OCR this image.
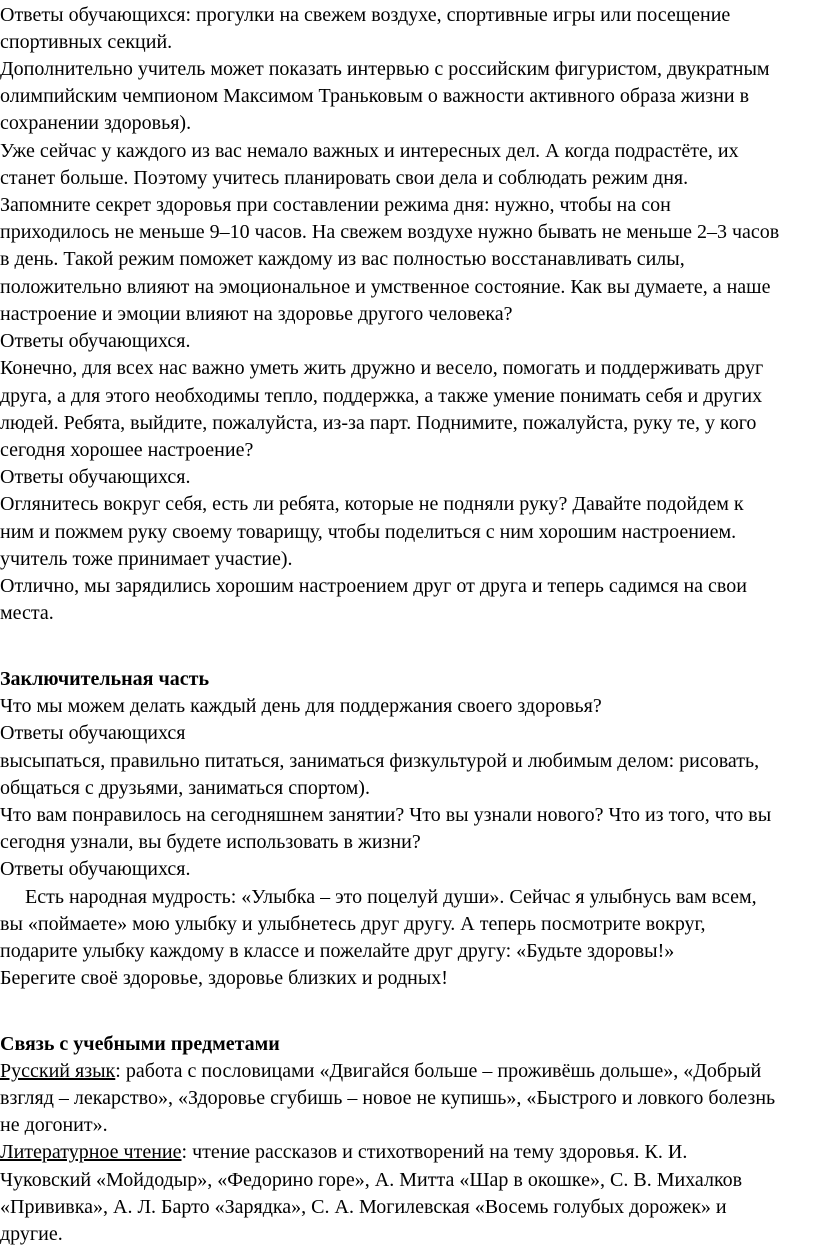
Ответы обучающихся: прогулки на свежем воздухе, спортивные игры или посещение
спортивных секций.
Дополнительно учитель может показать интервью с российским фигуристом, двукратным
олимпийским чемпионом Максимом Траньковым о важности активного образа жизни в
сохранении здоровья).
Уже сейчас у каждого из вас немало важных и интересных дел. А когда подрастёте, их
станет больше. Поэтому учитесь планировать свои дела и соблюдать режим дня.
Запомните секрет здоровья при составлении режима дня: нужно, чтобы на сон
приходилось не меньше 9–10 часов. На свежем воздухе нужно бывать не меньше 2–3 часов
в день. Такой режим поможет каждому из вас полностью восстанавливать силы,
положительно влияют на эмоциональное и умственное состояние. Как вы думаете, а наше
настроение и эмоции влияют на здоровье другого человека?
Ответы обучающихся.
Конечно, для всех нас важно уметь жить дружно и весело, помогать и поддерживать друг
друга, а для этого необходимы тепло, поддержка, а также умение понимать себя и других
людей. Ребята, выйдите, пожалуйста, из-за парт. Поднимите, пожалуйста, руку те, у кого
сегодня хорошее настроение?
Ответы обучающихся.
Оглянитесь вокруг себя, есть ли ребята, которые не подняли руку? Давайте подойдем к
ним и пожмем руку своему товарищу, чтобы поделиться с ним хорошим настроением.
учитель тоже принимает участие).
Отлично, мы зарядились хорошим настроением друг от друга и теперь садимся на свои
места.
Заключительная часть
Что мы можем делать каждый день для поддержания своего здоровья?
Ответы обучающихся
высыпаться, правильно питаться, заниматься физкультурой и любимым делом: рисовать,
общаться с друзьями, заниматься спортом).
Что вам понравилось на сегодняшнем занятии? Что вы узнали нового? Что из того, что вы
сегодня узнали, вы будете использовать в жизни?
Ответы обучающихся.
Есть народная мудрость: «Улыбка – это поцелуй души». Сейчас я улыбнусь вам всем,
вы «поймаете» мою улыбку и улыбнетесь друг другу. А теперь посмотрите вокруг,
подарите улыбку каждому в классе и пожелайте друг другу: «Будьте здоровы!»
Берегите своё здоровье, здоровье близких и родных!
Связь с учебными предметами
Русский язык: работа с пословицами «Двигайся больше – проживёшь дольше», «Добрый
взгляд – лекарство», «Здоровье сгубишь – новое не купишь», «Быстрого и ловкого болезнь
не догонит».
Литературное чтение: чтение рассказов и стихотворений на тему здоровья. К. И.
Чуковский «Мойдодыр», «Федорино горе», А. Митта «Шар в окошке», С. В. Михалков
«Прививка», А. Л. Барто «Зарядка», С. А. Могилевская «Восемь голубых дорожек» и
другие.
